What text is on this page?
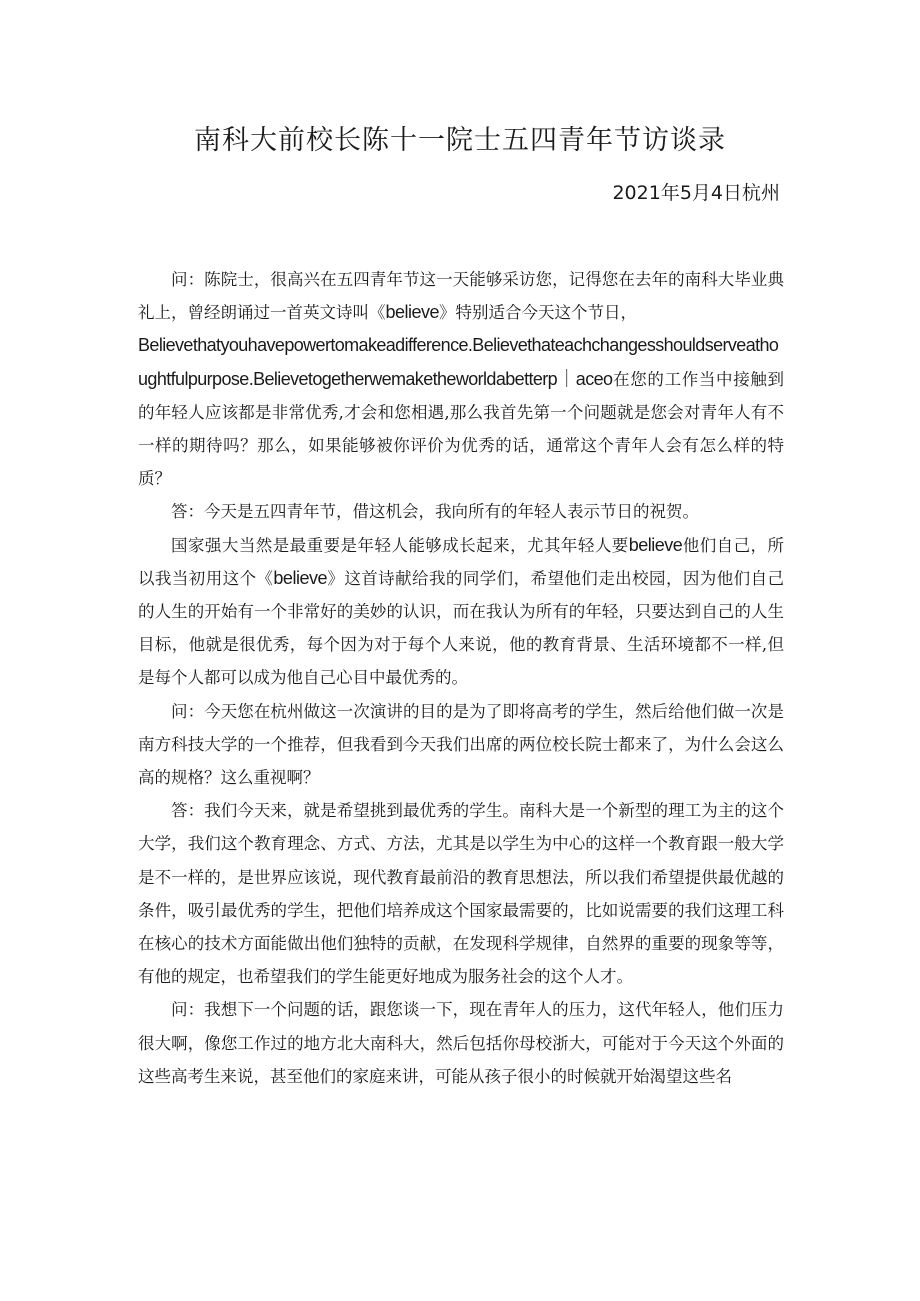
南科大前校长陈十一院士五四青年节访谈录
2021年5月4日杭州

问：陈院士，很高兴在五四青年节这一天能够采访您，记得您在去年的南科大毕业典礼上，曾经朗诵过一首英文诗叫《believe》特别适合今天这个节日，
Believethatyouhavepowertomakeadifference.Believethateachchangesshouldserveathoughtfulpurpose.Believetogetherwemaketheworldabetterp｜aceo在您的工作当中接触到的年轻人应该都是非常优秀,才会和您相遇,那么我首先第一个问题就是您会对青年人有不一样的期待吗？那么，如果能够被你评价为优秀的话，通常这个青年人会有怎么样的特质？

答：今天是五四青年节，借这机会，我向所有的年轻人表示节日的祝贺。

国家强大当然是最重要是年轻人能够成长起来，尤其年轻人要believe他们自己，所以我当初用这个《believe》这首诗献给我的同学们，希望他们走出校园，因为他们自己的人生的开始有一个非常好的美妙的认识，而在我认为所有的年轻，只要达到自己的人生目标，他就是很优秀，每个因为对于每个人来说，他的教育背景、生活环境都不一样,但是每个人都可以成为他自己心目中最优秀的。

问：今天您在杭州做这一次演讲的目的是为了即将高考的学生，然后给他们做一次是南方科技大学的一个推荐，但我看到今天我们出席的两位校长院士都来了，为什么会这么高的规格？这么重视啊？

答：我们今天来，就是希望挑到最优秀的学生。南科大是一个新型的理工为主的这个大学，我们这个教育理念、方式、方法，尤其是以学生为中心的这样一个教育跟一般大学是不一样的，是世界应该说，现代教育最前沿的教育思想法，所以我们希望提供最优越的条件，吸引最优秀的学生，把他们培养成这个国家最需要的，比如说需要的我们这理工科在核心的技术方面能做出他们独特的贡献，在发现科学规律，自然界的重要的现象等等，有他的规定，也希望我们的学生能更好地成为服务社会的这个人才。

问：我想下一个问题的话，跟您谈一下，现在青年人的压力，这代年轻人，他们压力很大啊，像您工作过的地方北大南科大，然后包括你母校浙大，可能对于今天这个外面的这些高考生来说，甚至他们的家庭来讲，可能从孩子很小的时候就开始渴望这些名
